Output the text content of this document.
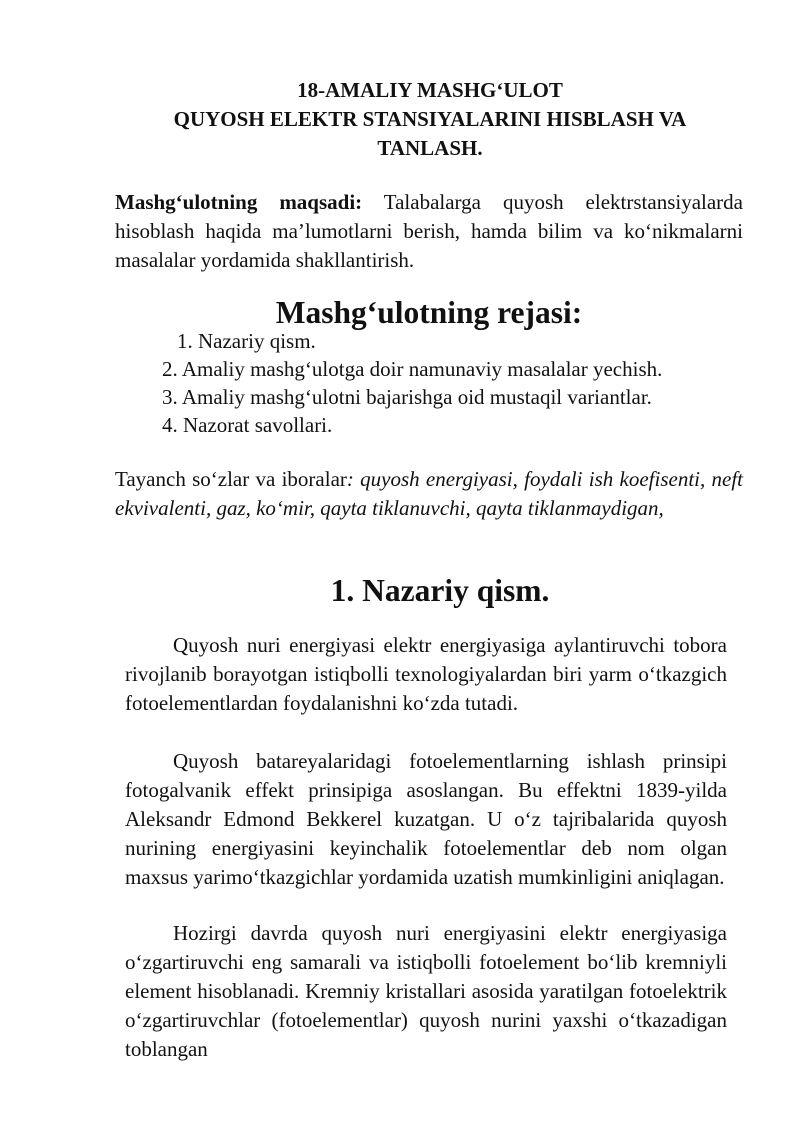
18-AMALIY MASHG‘ULOT
QUYOSH ELEKTR STANSIYALARINI HISBLASH VA
TANLASH.

Mashg‘ulotning maqsadi: Talabalarga quyosh elektrstansiyalarda hisoblash haqida ma’lumotlarni berish, hamda bilim va ko‘nikmalarni masalalar yordamida shakllantirish.

Mashg‘ulotning rejasi:
1. Nazariy qism.
2. Amaliy mashg‘ulotga doir namunaviy masalalar yechish.
3. Amaliy mashg‘ulotni bajarishga oid mustaqil variantlar.
4. Nazorat savollari.

Tayanch so‘zlar va iboralar: quyosh energiyasi, foydali ish koefisenti, neft ekvivalenti, gaz, ko‘mir, qayta tiklanuvchi, qayta tiklanmaydigan,

1. Nazariy qism.

Quyosh nuri energiyasi elektr energiyasiga aylantiruvchi tobora rivojlanib borayotgan istiqbolli texnologiyalardan biri yarm o‘tkazgich fotoelementlardan foydalanishni ko‘zda tutadi.

Quyosh batareyalaridagi fotoelementlarning ishlash prinsipi fotogalvanik effekt prinsipiga asoslangan. Bu effektni 1839-yilda Aleksandr Edmond Bekkerel kuzatgan. U o‘z tajribalarida quyosh nurining energiyasini keyinchalik fotoelementlar deb nom olgan maxsus yarimo‘tkazgichlar yordamida uzatish mumkinligini aniqlagan.

Hozirgi davrda quyosh nuri energiyasini elektr energiyasiga o‘zgartiruvchi eng samarali va istiqbolli fotoelement bo‘lib kremniyli element hisoblanadi. Kremniy kristallari asosida yaratilgan fotoelektrik o‘zgartiruvchlar (fotoelementlar) quyosh nurini yaxshi o‘tkazadigan toblangan
